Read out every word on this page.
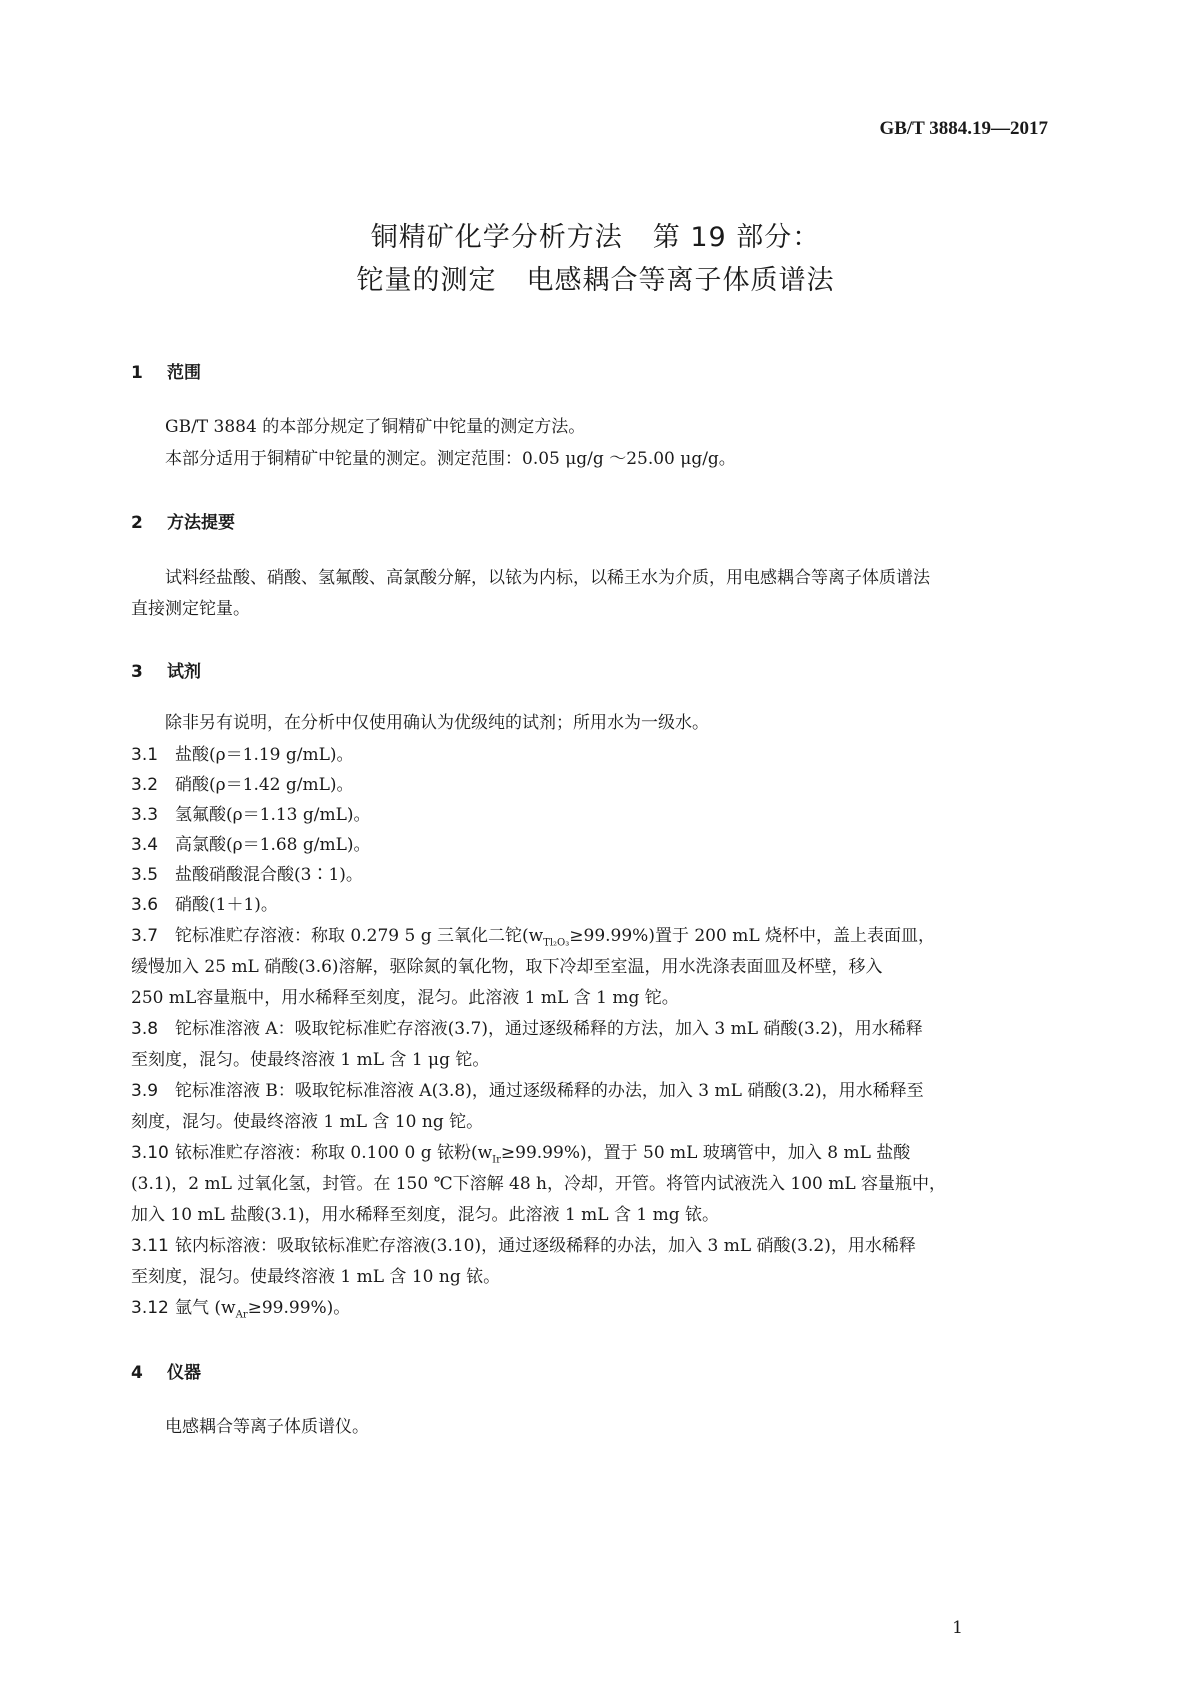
GB/T 3884.19—2017
铜精矿化学分析方法 第 19 部分：
铊量的测定 电感耦合等离子体质谱法
1 范围
GB/T 3884 的本部分规定了铜精矿中铊量的测定方法。
本部分适用于铜精矿中铊量的测定。测定范围：0.05 μg/g ～25.00 μg/g。
2 方法提要
试料经盐酸、硝酸、氢氟酸、高氯酸分解，以铱为内标，以稀王水为介质，用电感耦合等离子体质谱法
直接测定铊量。
3 试剂
除非另有说明，在分析中仅使用确认为优级纯的试剂；所用水为一级水。
3.1 盐酸(ρ＝1.19 g/mL)。
3.2 硝酸(ρ＝1.42 g/mL)。
3.3 氢氟酸(ρ＝1.13 g/mL)。
3.4 高氯酸(ρ＝1.68 g/mL)。
3.5 盐酸硝酸混合酸(3∶1)。
3.6 硝酸(1＋1)。
3.7 铊标准贮存溶液：称取 0.279 5 g 三氧化二铊$(w_{Tl_2O_3}\ge 99.99\%)$置于 200 mL 烧杯中，盖上表面皿，
缓慢加入 25 mL 硝酸(3.6)溶解，驱除氮的氧化物，取下冷却至室温，用水洗涤表面皿及杯壁，移入
250 mL容量瓶中，用水稀释至刻度，混匀。此溶液 1 mL 含 1 mg 铊。
3.8 铊标准溶液 A：吸取铊标准贮存溶液(3.7)，通过逐级稀释的方法，加入 3 mL 硝酸(3.2)，用水稀释
至刻度，混匀。使最终溶液 1 mL 含 1 μg 铊。
3.9 铊标准溶液 B：吸取铊标准溶液 A(3.8)，通过逐级稀释的办法，加入 3 mL 硝酸(3.2)，用水稀释至
刻度，混匀。使最终溶液 1 mL 含 10 ng 铊。
3.10 铱标准贮存溶液：称取 0.100 0 g 铱粉$(w_{Ir}\ge 99.99\%)$，置于 50 mL 玻璃管中，加入 8 mL 盐酸
(3.1)，2 mL 过氧化氢，封管。在 150 ℃下溶解 48 h，冷却，开管。将管内试液洗入 100 mL 容量瓶中，
加入 10 mL 盐酸(3.1)，用水稀释至刻度，混匀。此溶液 1 mL 含 1 mg 铱。
3.11 铱内标溶液：吸取铱标准贮存溶液(3.10)，通过逐级稀释的办法，加入 3 mL 硝酸(3.2)，用水稀释
至刻度，混匀。使最终溶液 1 mL 含 10 ng 铱。
3.12 氩气 $(w_{Ar}\ge 99.99\%)$。
4 仪器
电感耦合等离子体质谱仪。
1
